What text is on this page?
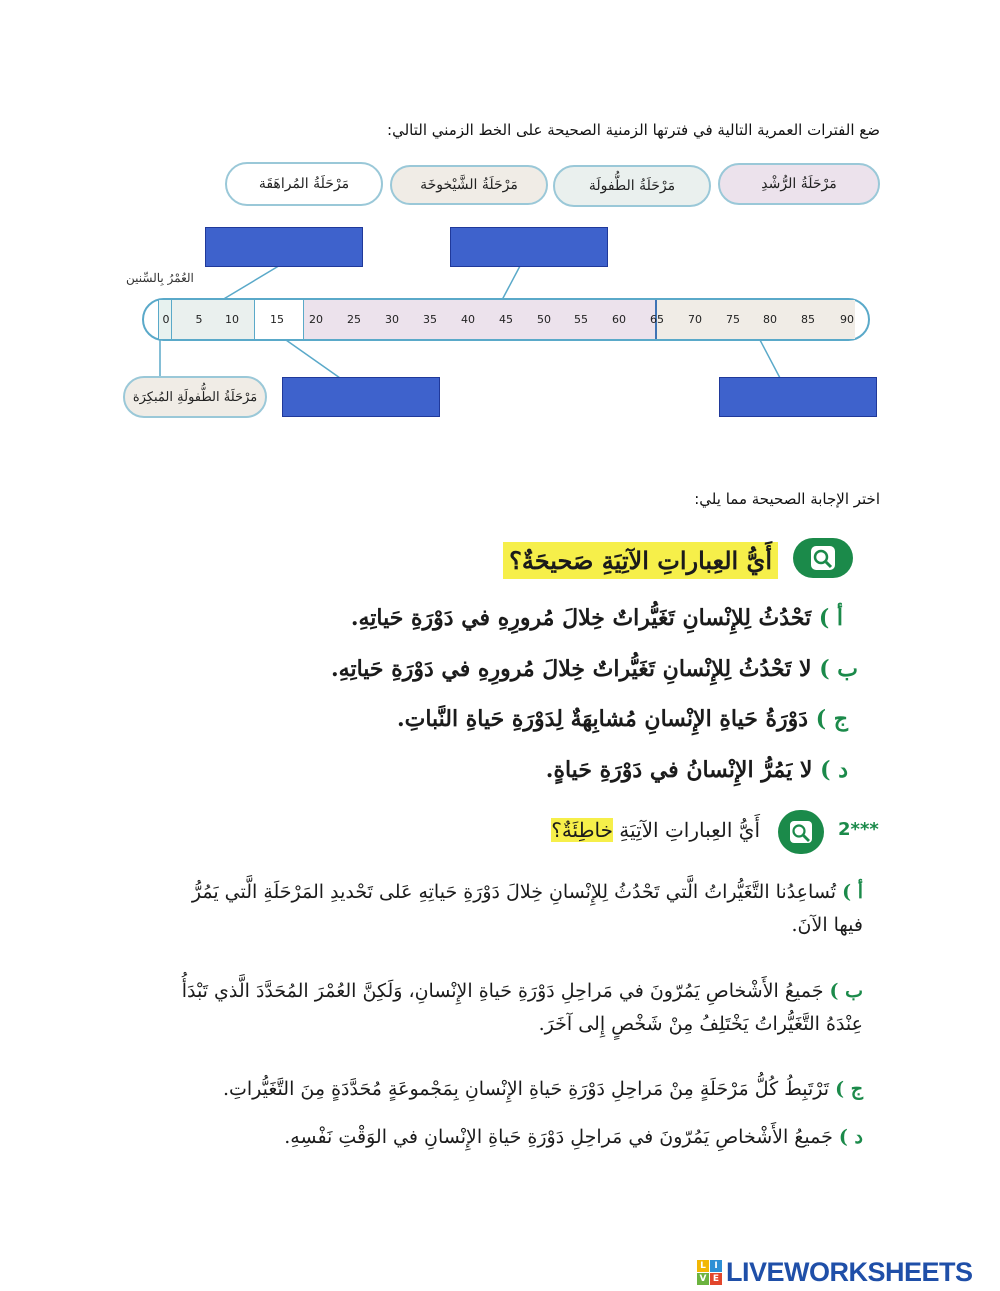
ضع الفترات العمرية التالية في فترتها الزمنية الصحيحة على الخط الزمني التالي:
مَرْحَلَةُ المُراهَقَة	مَرْحَلَةُ الشَّيْخوخَة	مَرْحَلَةُ الطُّفولَة	مَرْحَلَةُ الرُّشْدِ
العُمْرُ بِالسِّنين
0 5 10	15 20 25 30 35 40 45 50 55 60 65 70 75 80 85 90
مَرْحَلَةُ الطُّفولَةِ المُبكِرَة
اختر الإجابة الصحيحة مما يلي:
أَيُّ العِباراتِ الآتِيَةِ صَحيحَةٌ؟
أ ) تَحْدُثُ لِلإِنْسانِ تَغَيُّراتٌ خِلالَ مُرورِهِ في دَوْرَةِ حَياتِهِ.
ب ) لا تَحْدُثُ لِلإِنْسانِ تَغَيُّراتٌ خِلالَ مُرورِهِ في دَوْرَةِ حَياتِهِ.
ج ) دَوْرَةُ حَياةِ الإِنْسانِ مُشابِهَةٌ لِدَوْرَةِ حَياةِ النَّباتِ.
د ) لا يَمُرُّ الإِنْسانُ في دَوْرَةِ حَياةٍ.
2***
أَيُّ العِباراتِ الآتِيَةِ خاطِئَةٌ؟
أ ) تُساعِدُنا التَّغَيُّراتُ الَّتي تَحْدُثُ لِلإِنْسانِ خِلالَ دَوْرَةِ حَياتِهِ عَلى تَحْديدِ المَرْحَلَةِ الَّتي يَمُرُّ فيها الآنَ.
ب ) جَميعُ الأَشْخاصِ يَمُرّونَ في مَراحِلِ دَوْرَةِ حَياةِ الإِنْسانِ، وَلَكِنَّ العُمْرَ المُحَدَّدَ الَّذي تَبْدَأُ عِنْدَهُ التَّغَيُّراتُ يَخْتَلِفُ مِنْ شَخْصٍ إِلى آخَرَ.
ج ) تَرْتَبِطُ كُلُّ مَرْحَلَةٍ مِنْ مَراحِلِ دَوْرَةِ حَياةِ الإِنْسانِ بِمَجْموعَةٍ مُحَدَّدَةٍ مِنَ التَّغَيُّراتِ.
د ) جَميعُ الأَشْخاصِ يَمُرّونَ في مَراحِلِ دَوْرَةِ حَياةِ الإِنْسانِ في الوَقْتِ نَفْسِهِ.
L I
V E LIVEWORKSHEETS
